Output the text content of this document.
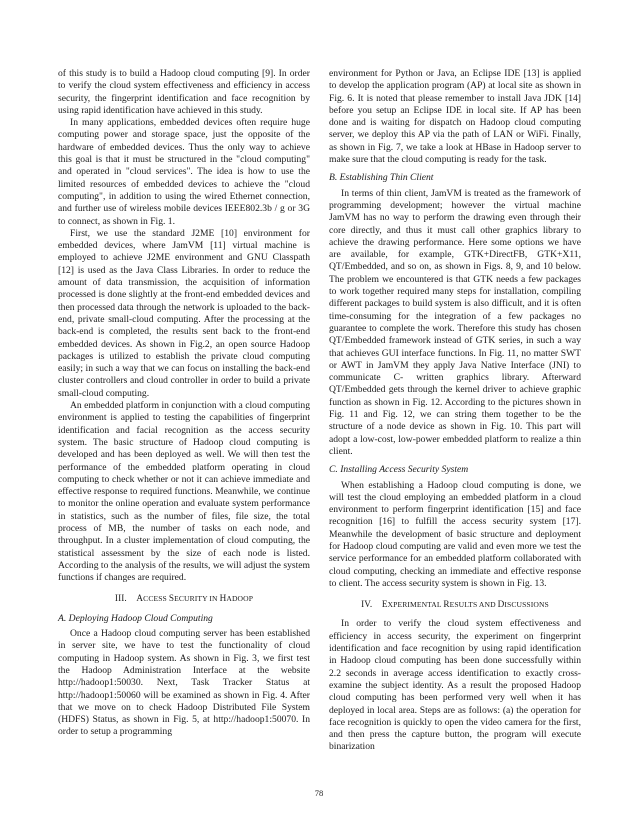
of this study is to build a Hadoop cloud computing [9]. In order to verify the cloud system effectiveness and efficiency in access security, the fingerprint identification and face recognition by using rapid identification have achieved in this study.

In many applications, embedded devices often require huge computing power and storage space, just the opposite of the hardware of embedded devices. Thus the only way to achieve this goal is that it must be structured in the "cloud computing" and operated in "cloud services". The idea is how to use the limited resources of embedded devices to achieve the "cloud computing", in addition to using the wired Ethernet connection, and further use of wireless mobile devices IEEE802.3b / g or 3G to connect, as shown in Fig. 1.

First, we use the standard J2ME [10] environment for embedded devices, where JamVM [11] virtual machine is employed to achieve J2ME environment and GNU Classpath [12] is used as the Java Class Libraries. In order to reduce the amount of data transmission, the acquisition of information processed is done slightly at the front-end embedded devices and then processed data through the network is uploaded to the back-end, private small-cloud computing. After the processing at the back-end is completed, the results sent back to the front-end embedded devices. As shown in Fig.2, an open source Hadoop packages is utilized to establish the private cloud computing easily; in such a way that we can focus on installing the back-end cluster controllers and cloud controller in order to build a private small-cloud computing.

An embedded platform in conjunction with a cloud computing environment is applied to testing the capabilities of fingerprint identification and facial recognition as the access security system. The basic structure of Hadoop cloud computing is developed and has been deployed as well. We will then test the performance of the embedded platform operating in cloud computing to check whether or not it can achieve immediate and effective response to required functions. Meanwhile, we continue to monitor the online operation and evaluate system performance in statistics, such as the number of files, file size, the total process of MB, the number of tasks on each node, and throughput. In a cluster implementation of cloud computing, the statistical assessment by the size of each node is listed. According to the analysis of the results, we will adjust the system functions if changes are required.

III. ACCESS SECURITY IN HADOOP
A. Deploying Hadoop Cloud Computing

Once a Hadoop cloud computing server has been established in server site, we have to test the functionality of cloud computing in Hadoop system. As shown in Fig. 3, we first test the Hadoop Administration Interface at the website http://hadoop1:50030. Next, Task Tracker Status at http://hadoop1:50060 will be examined as shown in Fig. 4. After that we move on to check Hadoop Distributed File System (HDFS) Status, as shown in Fig. 5, at http://hadoop1:50070. In order to setup a programming

environment for Python or Java, an Eclipse IDE [13] is applied to develop the application program (AP) at local site as shown in Fig. 6. It is noted that please remember to install Java JDK [14] before you setup an Eclipse IDE in local site. If AP has been done and is waiting for dispatch on Hadoop cloud computing server, we deploy this AP via the path of LAN or WiFi. Finally, as shown in Fig. 7, we take a look at HBase in Hadoop server to make sure that the cloud computing is ready for the task.

B. Establishing Thin Client

In terms of thin client, JamVM is treated as the framework of programming development; however the virtual machine JamVM has no way to perform the drawing even through their core directly, and thus it must call other graphics library to achieve the drawing performance. Here some options we have are available, for example, GTK+DirectFB, GTK+X11, QT/Embedded, and so on, as shown in Figs. 8, 9, and 10 below. The problem we encountered is that GTK needs a few packages to work together required many steps for installation, compiling different packages to build system is also difficult, and it is often time-consuming for the integration of a few packages no guarantee to complete the work. Therefore this study has chosen QT/Embedded framework instead of GTK series, in such a way that achieves GUI interface functions. In Fig. 11, no matter SWT or AWT in JamVM they apply Java Native Interface (JNI) to communicate C- written graphics library. Afterward QT/Embedded gets through the kernel driver to achieve graphic function as shown in Fig. 12. According to the pictures shown in Fig. 11 and Fig. 12, we can string them together to be the structure of a node device as shown in Fig. 10. This part will adopt a low-cost, low-power embedded platform to realize a thin client.

C. Installing Access Security System

When establishing a Hadoop cloud computing is done, we will test the cloud employing an embedded platform in a cloud environment to perform fingerprint identification [15] and face recognition [16] to fulfill the access security system [17]. Meanwhile the development of basic structure and deployment for Hadoop cloud computing are valid and even more we test the service performance for an embedded platform collaborated with cloud computing, checking an immediate and effective response to client. The access security system is shown in Fig. 13.

IV. EXPERIMENTAL RESULTS AND DISCUSSIONS

In order to verify the cloud system effectiveness and efficiency in access security, the experiment on fingerprint identification and face recognition by using rapid identification in Hadoop cloud computing has been done successfully within 2.2 seconds in average access identification to exactly cross-examine the subject identity. As a result the proposed Hadoop cloud computing has been performed very well when it has deployed in local area. Steps are as follows: (a) the operation for face recognition is quickly to open the video camera for the first, and then press the capture button, the program will execute binarization

78
